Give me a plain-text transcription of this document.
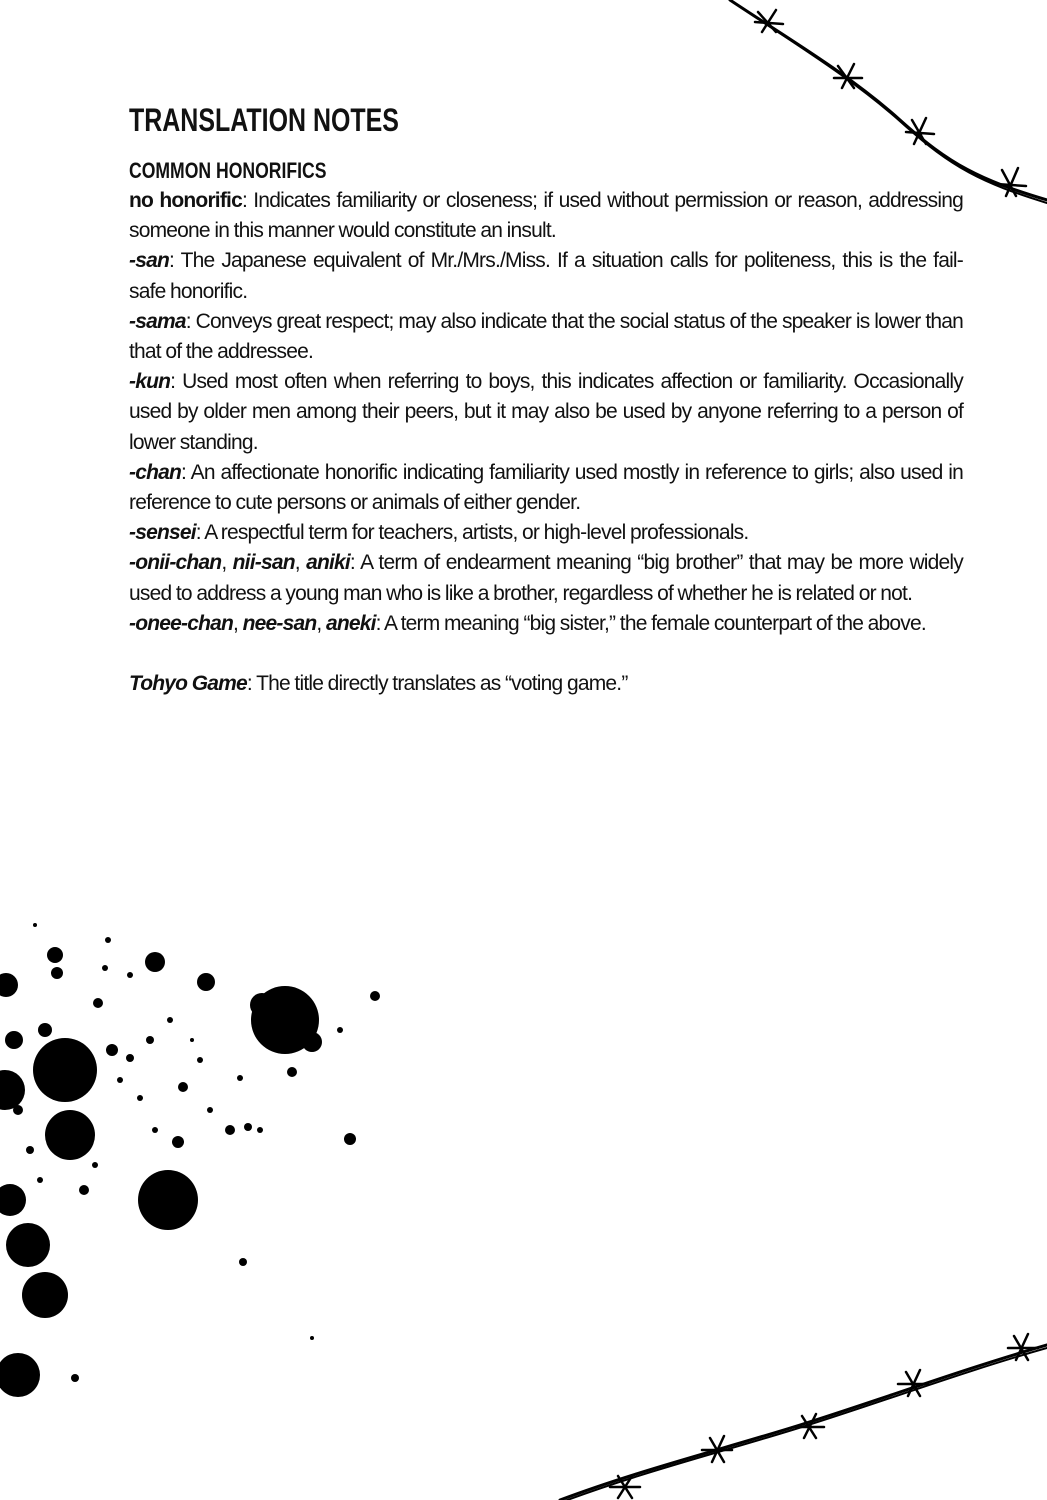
TRANSLATION NOTES
COMMON HONORIFICS

no honorific: Indicates familiarity or closeness; if used without permission or reason, addressing someone in this manner would constitute an insult.

-san: The Japanese equivalent of Mr./Mrs./Miss. If a situation calls for politeness, this is the fail-safe honorific.

-sama: Conveys great respect; may also indicate that the social status of the speaker is lower than that of the addressee.

-kun: Used most often when referring to boys, this indicates affection or familiarity. Occasionally used by older men among their peers, but it may also be used by anyone referring to a person of lower standing.

-chan: An affectionate honorific indicating familiarity used mostly in reference to girls; also used in reference to cute persons or animals of either gender.

-sensei: A respectful term for teachers, artists, or high-level professionals.

-onii-chan, nii-san, aniki: A term of endearment meaning “big brother” that may be more widely used to address a young man who is like a brother, regardless of whether he is related or not.

-onee-chan, nee-san, aneki: A term meaning “big sister,” the female counterpart of the above.

Tohyo Game: The title directly translates as “voting game.”
